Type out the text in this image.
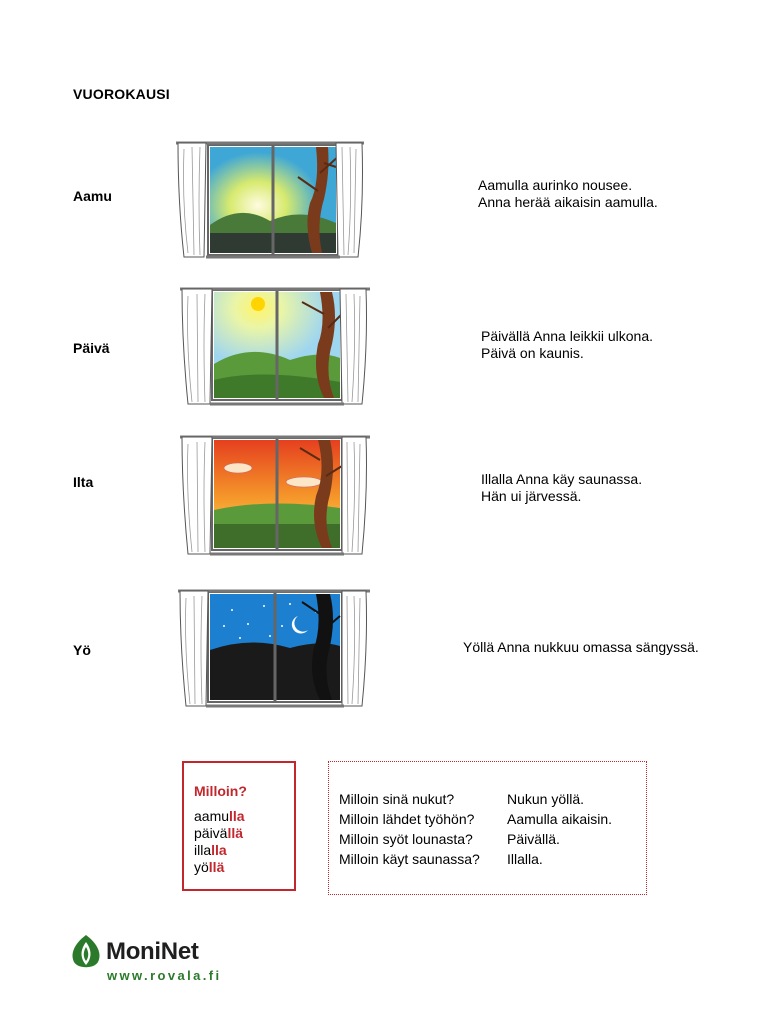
VUOROKAUSI
Aamu
Päivä
Ilta
Yö
Aamulla aurinko nousee.
Anna herää aikaisin aamulla.
Päivällä Anna leikkii ulkona.
Päivä on kaunis.
Illalla Anna käy saunassa.
Hän ui järvessä.
Yöllä Anna nukkuu omassa sängyssä.
Milloin?
aamulla
päivällä
illalla
yöllä
Milloin sinä nukut?	Nukun yöllä.
Milloin lähdet työhön?	Aamulla aikaisin.
Milloin syöt lounasta?	Päivällä.
Milloin käyt saunassa?	Illalla.
MoniNet
www.rovala.fi
